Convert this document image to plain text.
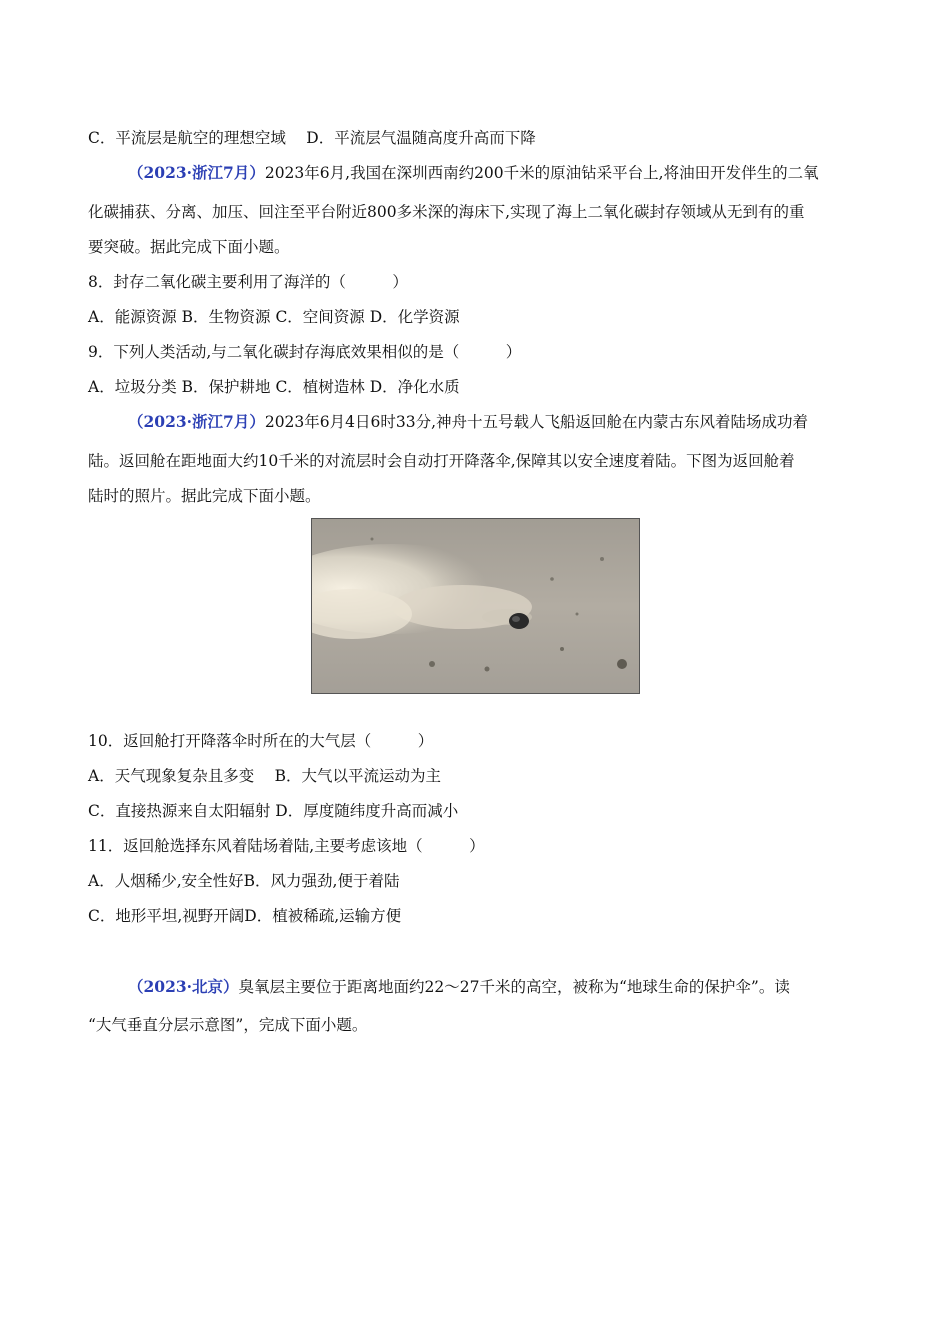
C．平流层是航空的理想空域　 D．平流层气温随高度升高而下降
（2023·浙江7月）2023年6月,我国在深圳西南约200千米的原油钻采平台上,将油田开发伴生的二氧
化碳捕获、分离、加压、回注至平台附近800多米深的海床下,实现了海上二氧化碳封存领域从无到有的重
要突破。据此完成下面小题。
8．封存二氧化碳主要利用了海洋的（　　　）
A．能源资源 B．生物资源 C．空间资源 D．化学资源
9．下列人类活动,与二氧化碳封存海底效果相似的是（　　　）
A．垃圾分类 B．保护耕地 C．植树造林 D．净化水质
（2023·浙江7月）2023年6月4日6时33分,神舟十五号载人飞船返回舱在内蒙古东风着陆场成功着
陆。返回舱在距地面大约10千米的对流层时会自动打开降落伞,保障其以安全速度着陆。下图为返回舱着
陆时的照片。据此完成下面小题。
10．返回舱打开降落伞时所在的大气层（　　　）
A．天气现象复杂且多变　 B．大气以平流运动为主
C．直接热源来自太阳辐射 D．厚度随纬度升高而减小
11．返回舱选择东风着陆场着陆,主要考虑该地（　　　）
A．人烟稀少,安全性好B．风力强劲,便于着陆
C．地形平坦,视野开阔D．植被稀疏,运输方便
（2023·北京）臭氧层主要位于距离地面约22～27千米的高空，被称为“地球生命的保护伞”。读
“大气垂直分层示意图”，完成下面小题。
